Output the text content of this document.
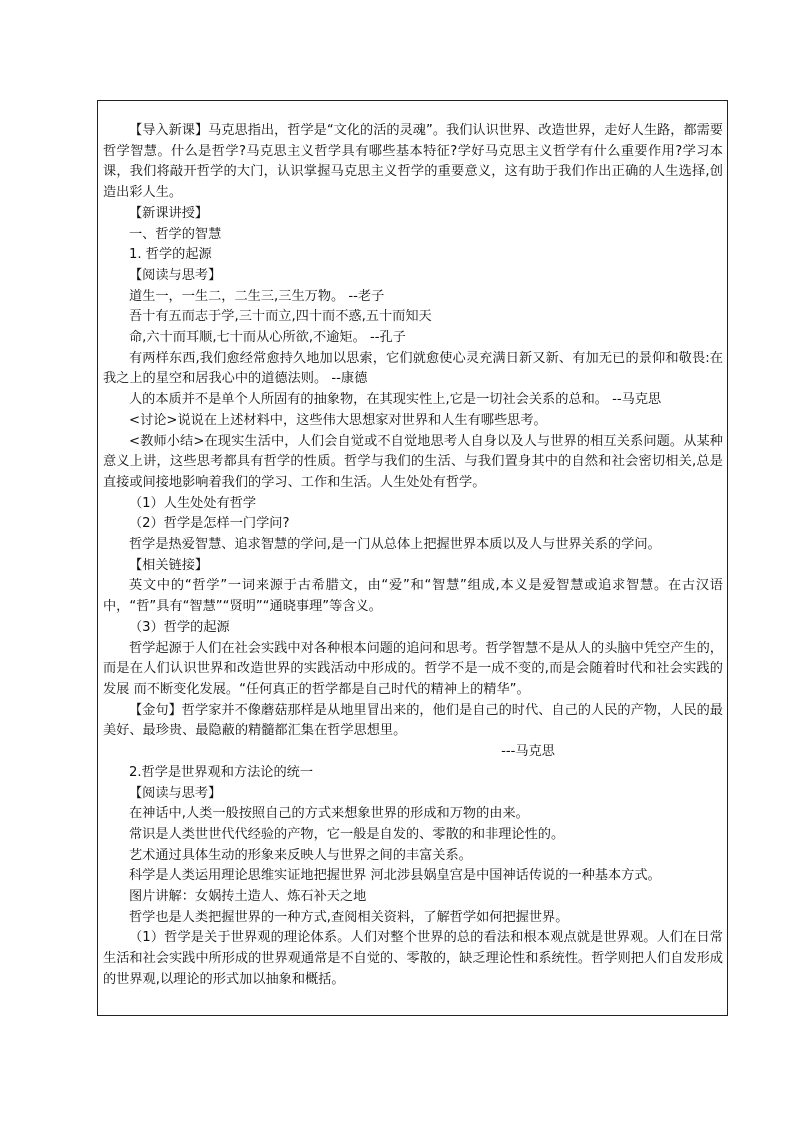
【导入新课】马克思指出，哲学是“文化的活的灵魂”。我们认识世界、改造世界，走好人生路，都需要哲学智慧。什么是哲学?马克思主义哲学具有哪些基本特征?学好马克思主义哲学有什么重要作用?学习本课，我们将敲开哲学的大门，认识掌握马克思主义哲学的重要意义，这有助于我们作出正确的人生选择,创造出彩人生。

【新课讲授】

一、哲学的智慧

1. 哲学的起源

【阅读与思考】

道生一，一生二，二生三,三生万物。 --老子

吾十有五而志于学,三十而立,四十而不惑,五十而知天

命,六十而耳顺,七十而从心所欲,不逾矩。 --孔子

有两样东西,我们愈经常愈持久地加以思索，它们就愈使心灵充满日新又新、有加无已的景仰和敬畏:在我之上的星空和居我心中的道德法则。 --康德

人的本质并不是单个人所固有的抽象物，在其现实性上,它是一切社会关系的总和。 --马克思

<讨论>说说在上述材料中，这些伟大思想家对世界和人生有哪些思考。

<教师小结>在现实生活中，人们会自觉或不自觉地思考人自身以及人与世界的相互关系问题。从某种意义上讲，这些思考都具有哲学的性质。哲学与我们的生活、与我们置身其中的自然和社会密切相关,总是直接或间接地影响着我们的学习、工作和生活。人生处处有哲学。

（1）人生处处有哲学

（2）哲学是怎样一门学问?

哲学是热爱智慧、追求智慧的学问,是一门从总体上把握世界本质以及人与世界关系的学问。

【相关链接】

英文中的“哲学”一词来源于古希腊文，由“爱”和“智慧”组成,本义是爱智慧或追求智慧。在古汉语中，“哲”具有“智慧”“贤明”“通晓事理”等含义。

（3）哲学的起源

哲学起源于人们在社会实践中对各种根本问题的追问和思考。哲学智慧不是从人的头脑中凭空产生的， 而是在人们认识世界和改造世界的实践活动中形成的。哲学不是一成不变的,而是会随着时代和社会实践的发展 而不断变化发展。“任何真正的哲学都是自己时代的精神上的精华”。

【金句】哲学家并不像蘑菇那样是从地里冒出来的，他们是自己的时代、自己的人民的产物，人民的最美好、最珍贵、最隐蔽的精髓都汇集在哲学思想里。

---马克思

2.哲学是世界观和方法论的统一

【阅读与思考】

在神话中,人类一般按照自己的方式来想象世界的形成和万物的由来。

常识是人类世世代代经验的产物，它一般是自发的、零散的和非理论性的。

艺术通过具体生动的形象来反映人与世界之间的丰富关系。

科学是人类运用理论思维实证地把握世界 河北涉县娲皇宫是中国神话传说的一种基本方式。

图片讲解：女娲抟土造人、炼石补天之地

哲学也是人类把握世界的一种方式,查阅相关资料，了解哲学如何把握世界。

（1）哲学是关于世界观的理论体系。人们对整个世界的总的看法和根本观点就是世界观。人们在日常生活和社会实践中所形成的世界观通常是不自觉的、零散的，缺乏理论性和系统性。哲学则把人们自发形成的世界观,以理论的形式加以抽象和概括。
